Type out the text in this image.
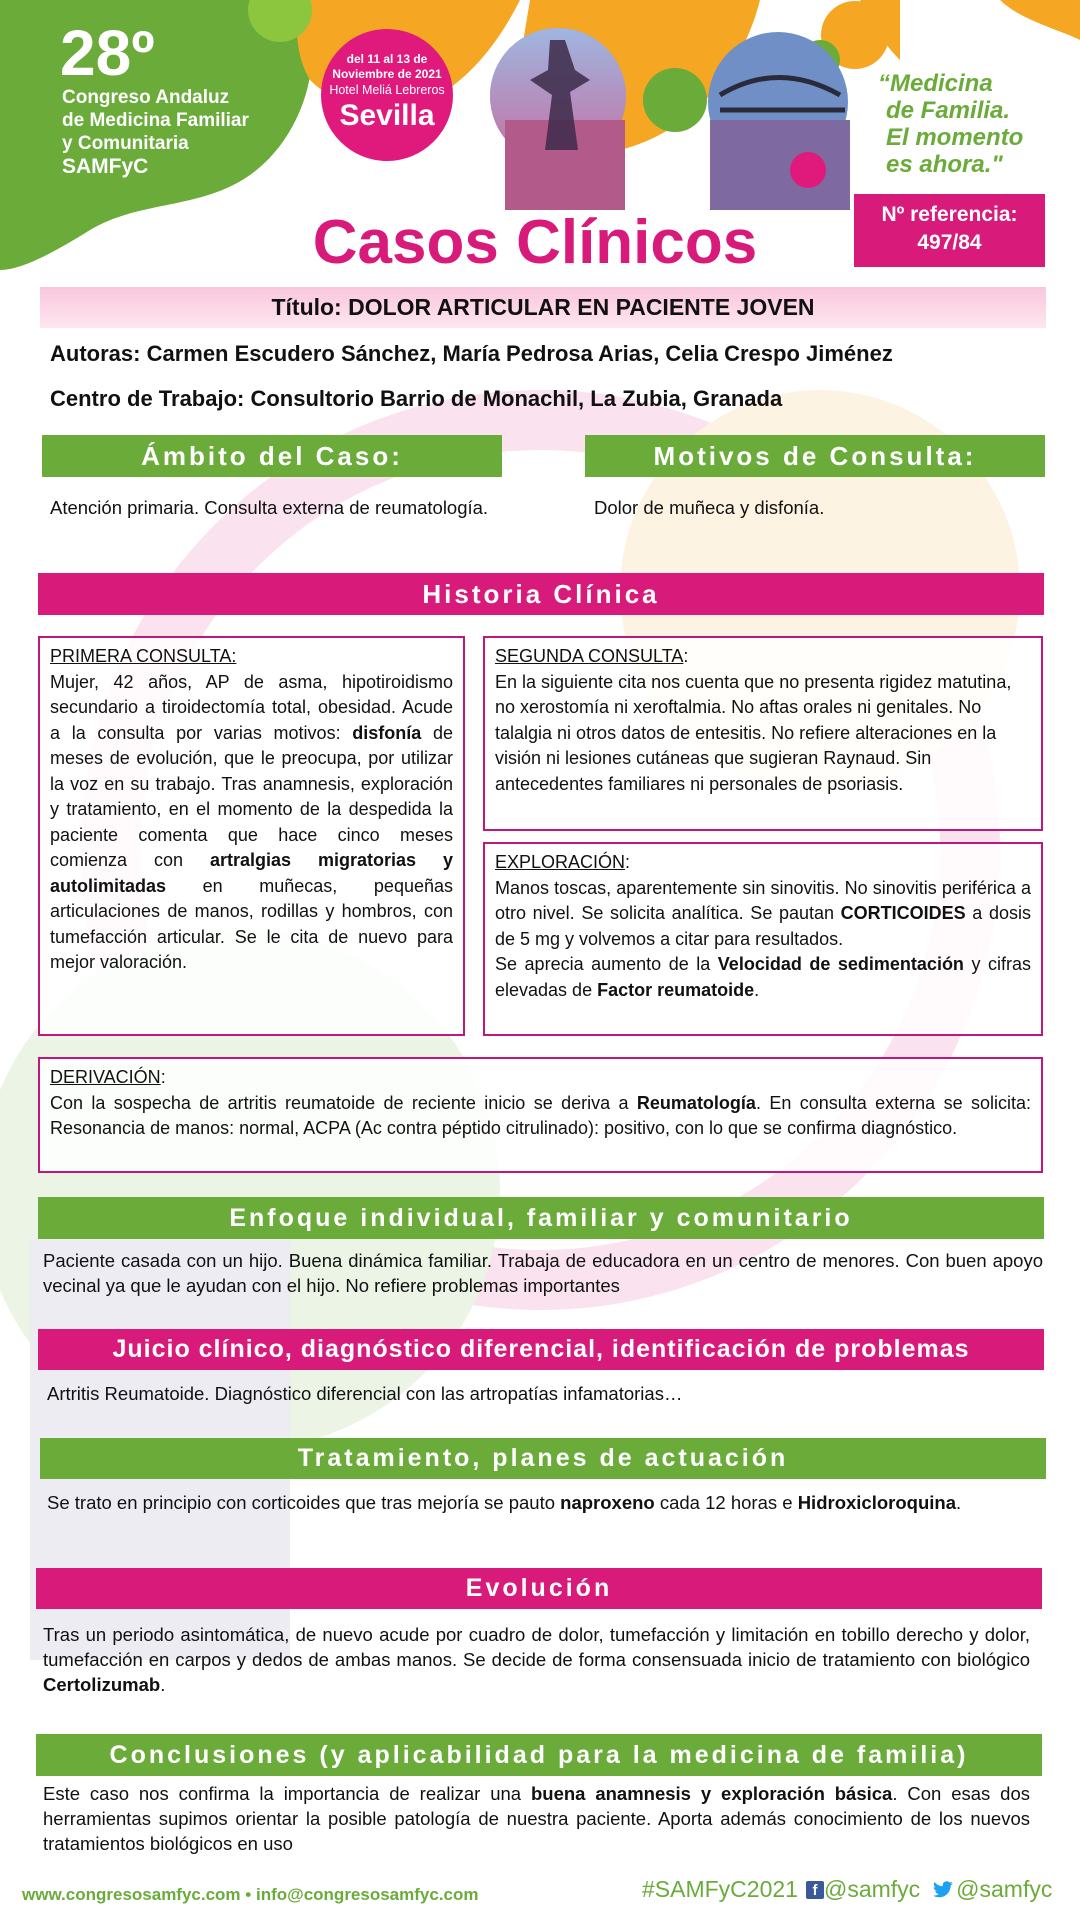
28º
Congreso Andaluz
de Medicina Familiar
y Comunitaria
SAMFyC
del 11 al 13 de
Noviembre de 2021
Hotel Meliá Lebreros
Sevilla
“Medicina
de Familia.
El momento
es ahora."
Nº referencia:
497/84
Casos Clínicos
Título:
DOLOR ARTICULAR EN PACIENTE JOVEN
Autoras: Carmen Escudero Sánchez, María Pedrosa Arias, Celia Crespo Jiménez
Centro de Trabajo: Consultorio Barrio de Monachil, La Zubia, Granada
Ámbito del Caso:	Motivos de Consulta:
Atención primaria. Consulta externa de reumatología.	Dolor de muñeca y disfonía.
Historia Clínica
PRIMERA CONSULTA:
Mujer, 42 años, AP de asma, hipotiroidismo secundario a tiroidectomía total, obesidad. Acude a la consulta por varias motivos: disfonía de meses de evolución, que le preocupa, por utilizar la voz en su trabajo. Tras anamnesis, exploración y tratamiento, en el momento de la despedida la paciente comenta que hace cinco meses comienza con artralgias migratorias y autolimitadas en muñecas, pequeñas articulaciones de manos, rodillas y hombros, con tumefacción articular. Se le cita de nuevo para mejor valoración.
SEGUNDA CONSULTA:
En la siguiente cita nos cuenta que no presenta rigidez matutina, no xerostomía ni xeroftalmia. No aftas orales ni genitales. No talalgia ni otros datos de entesitis. No refiere alteraciones en la visión ni lesiones cutáneas que sugieran Raynaud. Sin antecedentes familiares ni personales de psoriasis.
EXPLORACIÓN:
Manos toscas, aparentemente sin sinovitis. No sinovitis periférica a otro nivel. Se solicita analítica. Se pautan CORTICOIDES a dosis de 5 mg y volvemos a citar para resultados.
Se aprecia aumento de la Velocidad de sedimentación y cifras elevadas de Factor reumatoide.
DERIVACIÓN:
Con la sospecha de artritis reumatoide de reciente inicio se deriva a Reumatología. En consulta externa se solicita: Resonancia de manos: normal, ACPA (Ac contra péptido citrulinado): positivo, con lo que se confirma diagnóstico.
Enfoque individual, familiar y comunitario
Paciente casada con un hijo. Buena dinámica familiar. Trabaja de educadora en un centro de menores. Con buen apoyo vecinal ya que le ayudan con el hijo. No refiere problemas importantes
Juicio clínico, diagnóstico diferencial, identificación de problemas
Artritis Reumatoide. Diagnóstico diferencial con las artropatías infamatorias…
Tratamiento, planes de actuación
Se trato en principio con corticoides que tras mejoría se pauto naproxeno cada 12 horas e Hidroxicloroquina.
Evolución
Tras un periodo asintomática, de nuevo acude por cuadro de dolor, tumefacción y limitación en tobillo derecho y dolor, tumefacción en carpos y dedos de ambas manos. Se decide de forma consensuada inicio de tratamiento con biológico Certolizumab.
Conclusiones (y aplicabilidad para la medicina de familia)
Este caso nos confirma la importancia de realizar una buena anamnesis y exploración básica. Con esas dos herramientas supimos orientar la posible patología de nuestra paciente. Aporta además conocimiento de los nuevos tratamientos biológicos en uso
www.congresosamfyc.com • info@congresosamfyc.com	#SAMFyC2021 f @samfyc @samfyc
